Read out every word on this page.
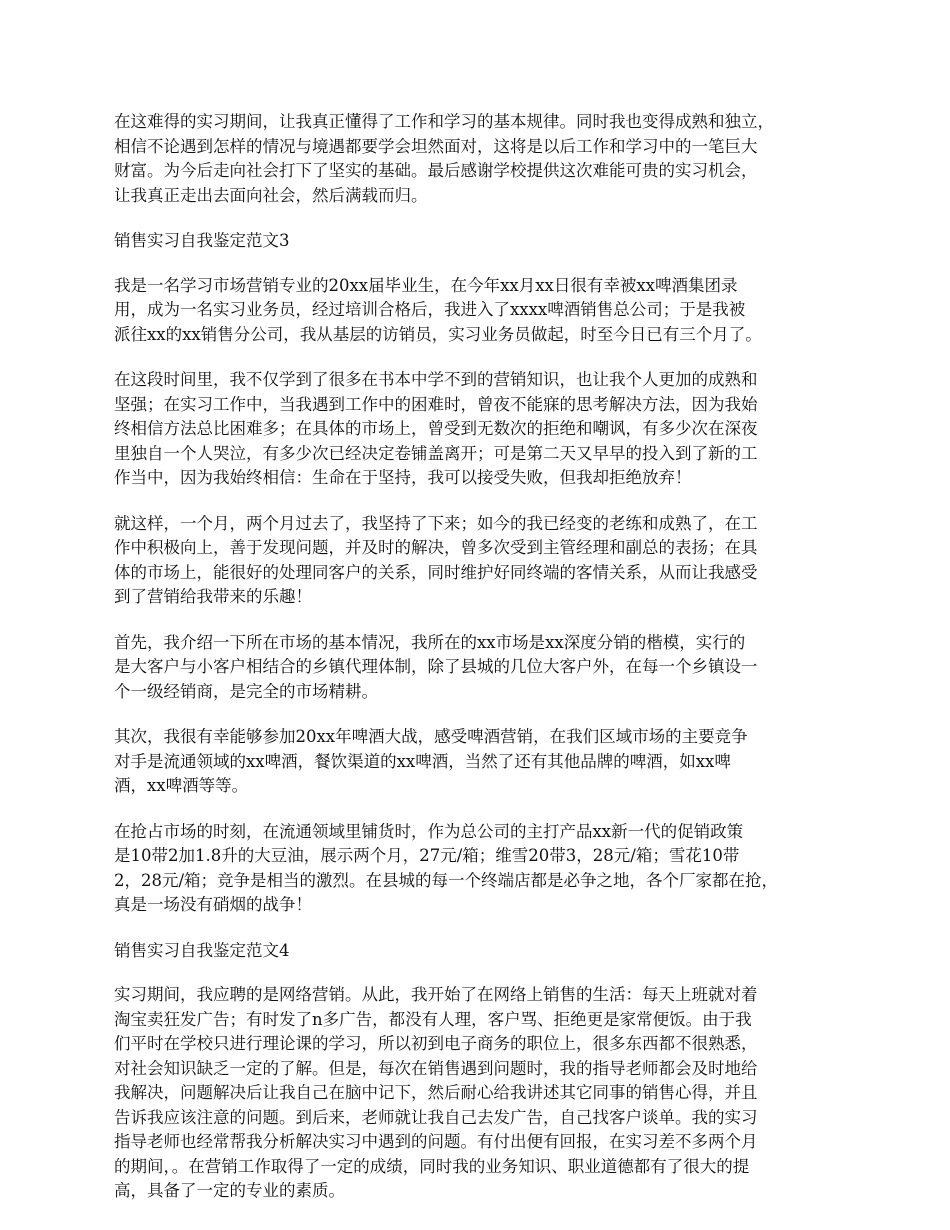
在这难得的实习期间，让我真正懂得了工作和学习的基本规律。同时我也变得成熟和独立，
相信不论遇到怎样的情况与境遇都要学会坦然面对，这将是以后工作和学习中的一笔巨大
财富。为今后走向社会打下了坚实的基础。最后感谢学校提供这次难能可贵的实习机会，
让我真正走出去面向社会，然后满载而归。

销售实习自我鉴定范文3

我是一名学习市场营销专业的20xx届毕业生，在今年xx月xx日很有幸被xx啤酒集团录
用，成为一名实习业务员，经过培训合格后，我进入了xxxx啤酒销售总公司；于是我被
派往xx的xx销售分公司，我从基层的访销员，实习业务员做起，时至今日已有三个月了。

在这段时间里，我不仅学到了很多在书本中学不到的营销知识，也让我个人更加的成熟和
坚强；在实习工作中，当我遇到工作中的困难时，曾夜不能寐的思考解决方法，因为我始
终相信方法总比困难多；在具体的市场上，曾受到无数次的拒绝和嘲讽，有多少次在深夜
里独自一个人哭泣，有多少次已经决定卷铺盖离开；可是第二天又早早的投入到了新的工
作当中，因为我始终相信：生命在于坚持，我可以接受失败，但我却拒绝放弃！

就这样，一个月，两个月过去了，我坚持了下来；如今的我已经变的老练和成熟了，在工
作中积极向上，善于发现问题，并及时的解决，曾多次受到主管经理和副总的表扬；在具
体的市场上，能很好的处理同客户的关系，同时维护好同终端的客情关系，从而让我感受
到了营销给我带来的乐趣！

首先，我介绍一下所在市场的基本情况，我所在的xx市场是xx深度分销的楷模，实行的
是大客户与小客户相结合的乡镇代理体制，除了县城的几位大客户外，在每一个乡镇设一
个一级经销商，是完全的市场精耕。

其次，我很有幸能够参加20xx年啤酒大战，感受啤酒营销，在我们区域市场的主要竞争
对手是流通领域的xx啤酒，餐饮渠道的xx啤酒，当然了还有其他品牌的啤酒，如xx啤
酒，xx啤酒等等。

在抢占市场的时刻，在流通领域里铺货时，作为总公司的主打产品xx新一代的促销政策
是10带2加1.8升的大豆油，展示两个月，27元/箱；维雪20带3，28元/箱；雪花10带
2，28元/箱；竞争是相当的激烈。在县城的每一个终端店都是必争之地，各个厂家都在抢，
真是一场没有硝烟的战争！

销售实习自我鉴定范文4

实习期间，我应聘的是网络营销。从此，我开始了在网络上销售的生活：每天上班就对着
淘宝卖狂发广告；有时发了n多广告，都没有人理，客户骂、拒绝更是家常便饭。由于我
们平时在学校只进行理论课的学习，所以初到电子商务的职位上，很多东西都不很熟悉，
对社会知识缺乏一定的了解。但是，每次在销售遇到问题时，我的指导老师都会及时地给
我解决，问题解决后让我自己在脑中记下，然后耐心给我讲述其它同事的销售心得，并且
告诉我应该注意的问题。到后来，老师就让我自己去发广告，自己找客户谈单。我的实习
指导老师也经常帮我分析解决实习中遇到的问题。有付出便有回报，在实习差不多两个月
的期间，。在营销工作取得了一定的成绩，同时我的业务知识、职业道德都有了很大的提
高，具备了一定的专业的素质。
